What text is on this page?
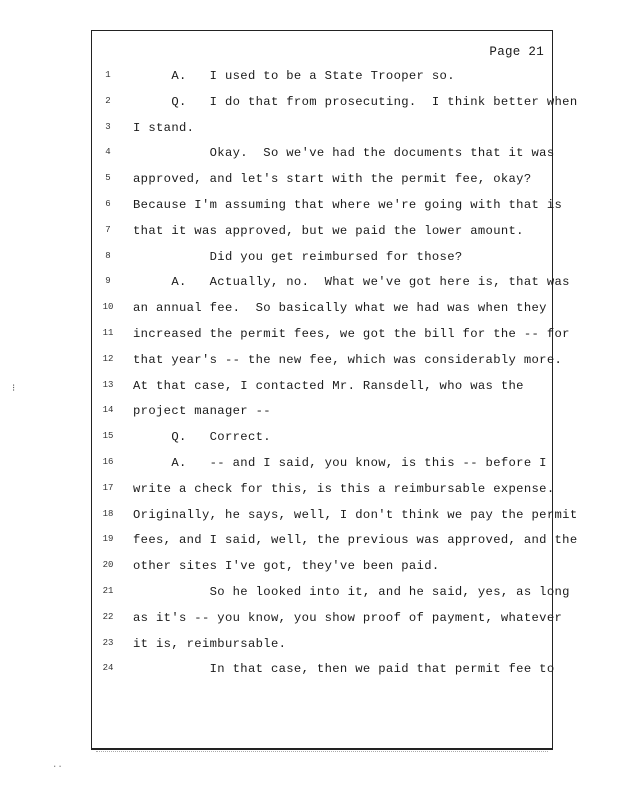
Page 21
1	A.   I used to be a State Trooper so.
2	Q.   I do that from prosecuting.  I think better when
3	I stand.
4	Okay.  So we've had the documents that it was
5	approved, and let's start with the permit fee, okay?
6	Because I'm assuming that where we're going with that is
7	that it was approved, but we paid the lower amount.
8	Did you get reimbursed for those?
9	A.   Actually, no.  What we've got here is, that was
10	an annual fee.  So basically what we had was when they
11	increased the permit fees, we got the bill for the -- for
12	that year's -- the new fee, which was considerably more.
13	At that case, I contacted Mr. Ransdell, who was the
14	project manager --
15	Q.   Correct.
16	A.   -- and I said, you know, is this -- before I
17	write a check for this, is this a reimbursable expense.
18	Originally, he says, well, I don't think we pay the permit
19	fees, and I said, well, the previous was approved, and the
20	other sites I've got, they've been paid.
21	So he looked into it, and he said, yes, as long
22	as it's -- you know, you show proof of payment, whatever
23	it is, reimbursable.
24	In that case, then we paid that permit fee to
⁝
..
